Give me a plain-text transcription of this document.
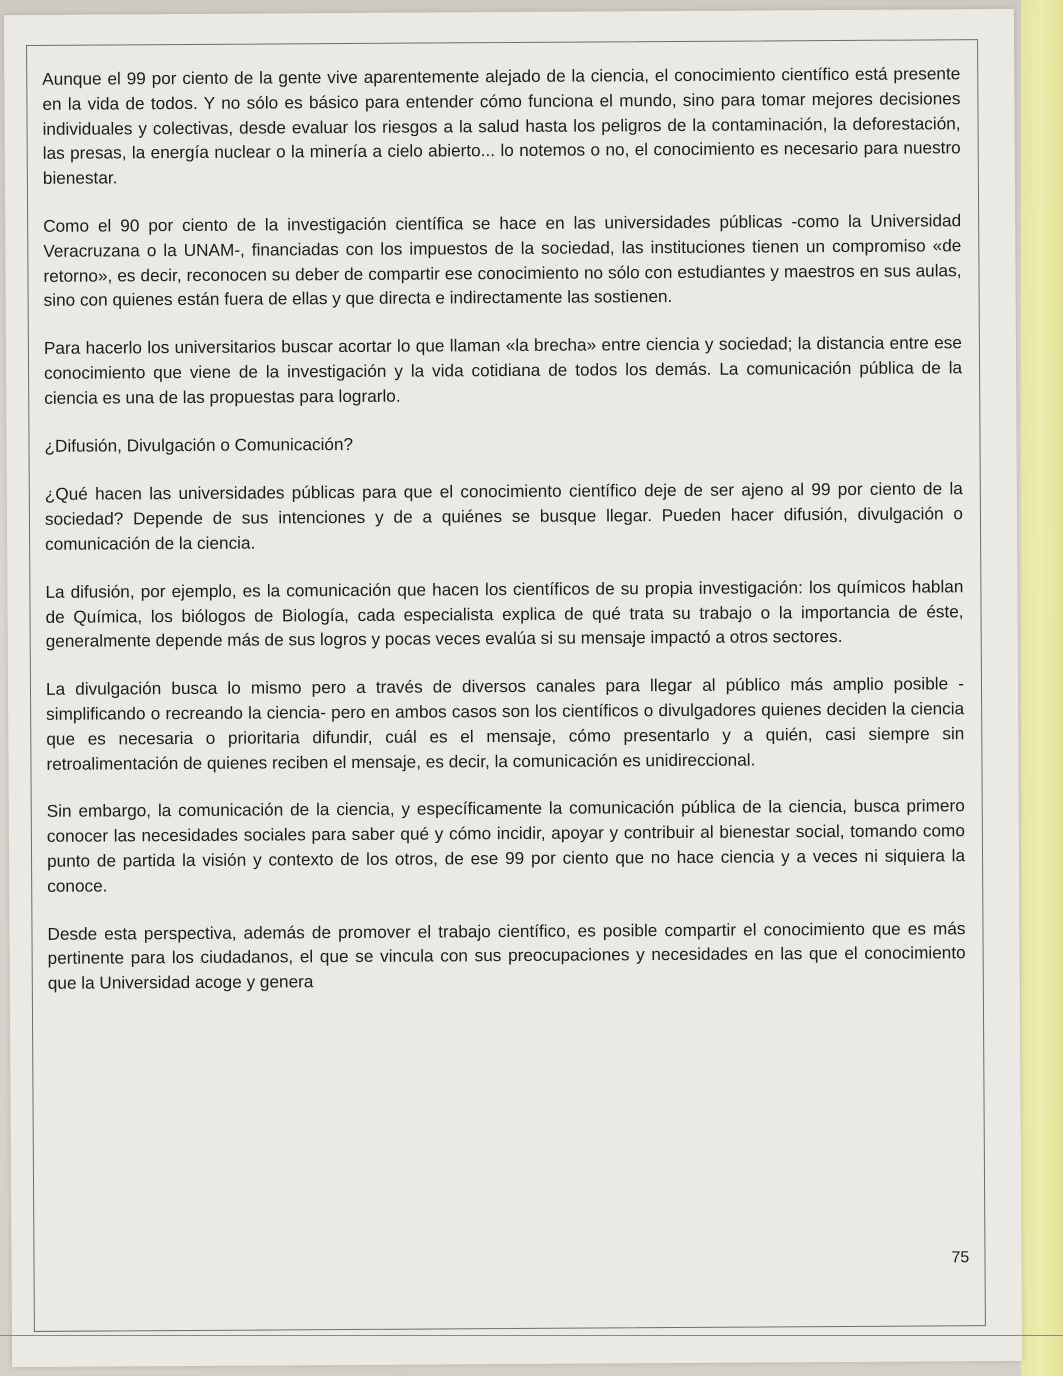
Aunque el 99 por ciento de la gente vive aparentemente alejado de la ciencia, el conocimiento científico está presente en la vida de todos. Y no sólo es básico para entender cómo funciona el mundo, sino para tomar mejores decisiones individuales y colectivas, desde evaluar los riesgos a la salud hasta los peligros de la contaminación, la deforestación, las presas, la energía nuclear o la minería a cielo abierto... lo notemos o no, el conocimiento es necesario para nuestro bienestar.

Como el 90 por ciento de la investigación científica se hace en las universidades públicas -como la Universidad Veracruzana o la UNAM-, financiadas con los impuestos de la sociedad, las instituciones tienen un compromiso «de retorno», es decir, reconocen su deber de compartir ese conocimiento no sólo con estudiantes y maestros en sus aulas, sino con quienes están fuera de ellas y que directa e indirectamente las sostienen.

Para hacerlo los universitarios buscar acortar lo que llaman «la brecha» entre ciencia y sociedad; la distancia entre ese conocimiento que viene de la investigación y la vida cotidiana de todos los demás. La comunicación pública de la ciencia es una de las propuestas para lograrlo.

¿Difusión, Divulgación o Comunicación?

¿Qué hacen las universidades públicas para que el conocimiento científico deje de ser ajeno al 99 por ciento de la sociedad? Depende de sus intenciones y de a quiénes se busque llegar. Pueden hacer difusión, divulgación o comunicación de la ciencia.

La difusión, por ejemplo, es la comunicación que hacen los científicos de su propia investigación: los químicos hablan de Química, los biólogos de Biología, cada especialista explica de qué trata su trabajo o la importancia de éste, generalmente depende más de sus logros y pocas veces evalúa si su mensaje impactó a otros sectores.

La divulgación busca lo mismo pero a través de diversos canales para llegar al público más amplio posible -simplificando o recreando la ciencia- pero en ambos casos son los científicos o divulgadores quienes deciden la ciencia que es necesaria o prioritaria difundir, cuál es el mensaje, cómo presentarlo y a quién, casi siempre sin retroalimentación de quienes reciben el mensaje, es decir, la comunicación es unidireccional.

Sin embargo, la comunicación de la ciencia, y específicamente la comunicación pública de la ciencia, busca primero conocer las necesidades sociales para saber qué y cómo incidir, apoyar y contribuir al bienestar social, tomando como punto de partida la visión y contexto de los otros, de ese 99 por ciento que no hace ciencia y a veces ni siquiera la conoce.

Desde esta perspectiva, además de promover el trabajo científico, es posible compartir el conocimiento que es más pertinente para los ciudadanos, el que se vincula con sus preocupaciones y necesidades en las que el conocimiento que la Universidad acoge y genera

75
